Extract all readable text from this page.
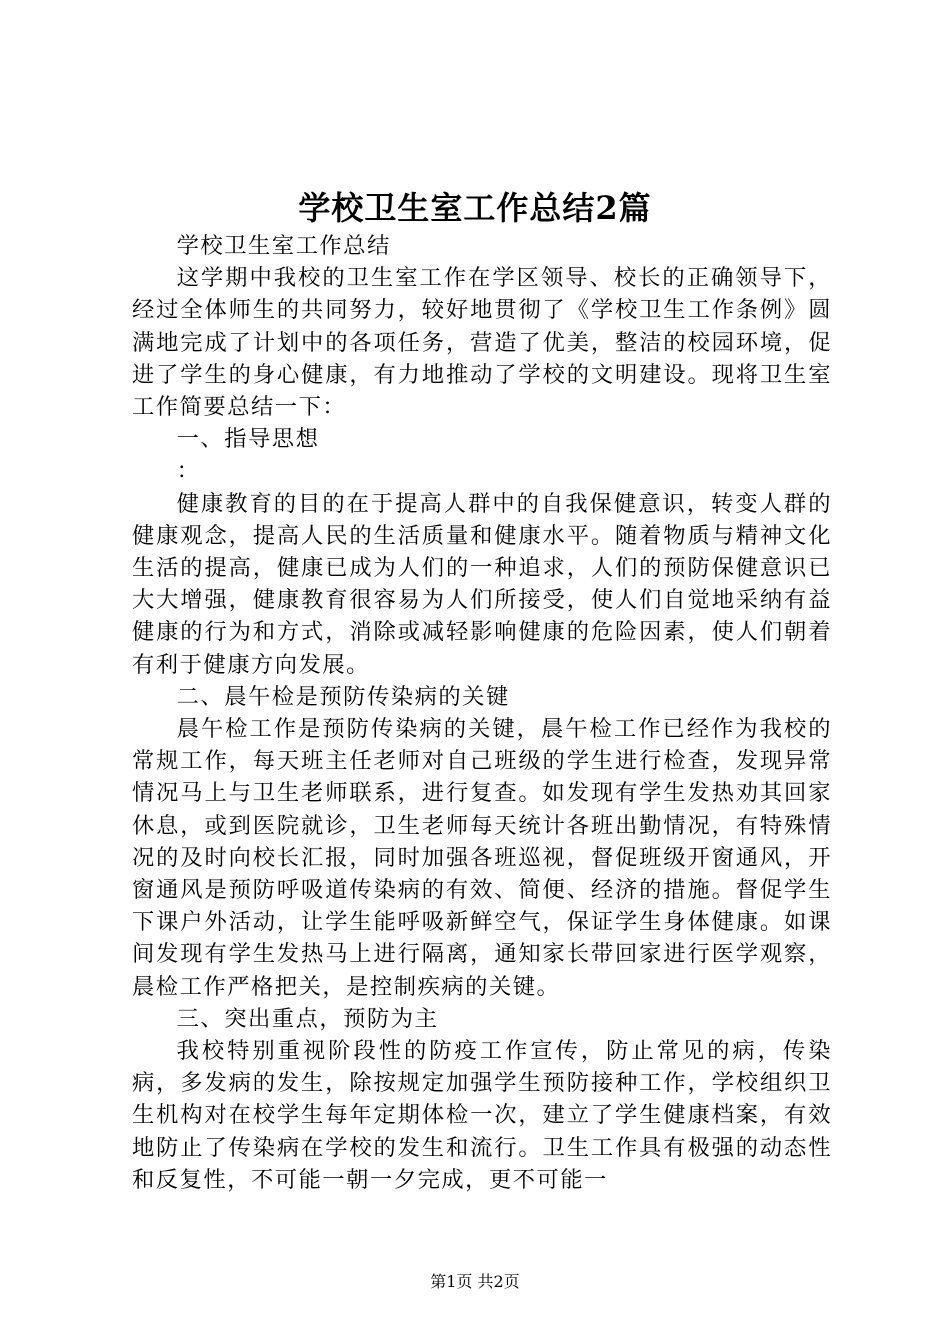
学校卫生室工作总结2篇

学校卫生室工作总结

这学期中我校的卫生室工作在学区领导、校长的正确领导下，经过全体师生的共同努力，较好地贯彻了《学校卫生工作条例》圆满地完成了计划中的各项任务，营造了优美，整洁的校园环境，促进了学生的身心健康，有力地推动了学校的文明建设。现将卫生室工作简要总结一下：

一、指导思想

：

健康教育的目的在于提高人群中的自我保健意识，转变人群的健康观念，提高人民的生活质量和健康水平。随着物质与精神文化生活的提高，健康已成为人们的一种追求，人们的预防保健意识已大大增强，健康教育很容易为人们所接受，使人们自觉地采纳有益健康的行为和方式，消除或减轻影响健康的危险因素，使人们朝着有利于健康方向发展。

二、晨午检是预防传染病的关键

晨午检工作是预防传染病的关键，晨午检工作已经作为我校的常规工作，每天班主任老师对自己班级的学生进行检查，发现异常情况马上与卫生老师联系，进行复查。如发现有学生发热劝其回家休息，或到医院就诊，卫生老师每天统计各班出勤情况，有特殊情况的及时向校长汇报，同时加强各班巡视，督促班级开窗通风，开窗通风是预防呼吸道传染病的有效、简便、经济的措施。督促学生下课户外活动，让学生能呼吸新鲜空气，保证学生身体健康。如课间发现有学生发热马上进行隔离，通知家长带回家进行医学观察，晨检工作严格把关，是控制疾病的关键。

三、突出重点，预防为主

我校特别重视阶段性的防疫工作宣传，防止常见的病，传染病，多发病的发生，除按规定加强学生预防接种工作，学校组织卫生机构对在校学生每年定期体检一次，建立了学生健康档案，有效地防止了传染病在学校的发生和流行。卫生工作具有极强的动态性和反复性，不可能一朝一夕完成，更不可能一

第1页 共2页
